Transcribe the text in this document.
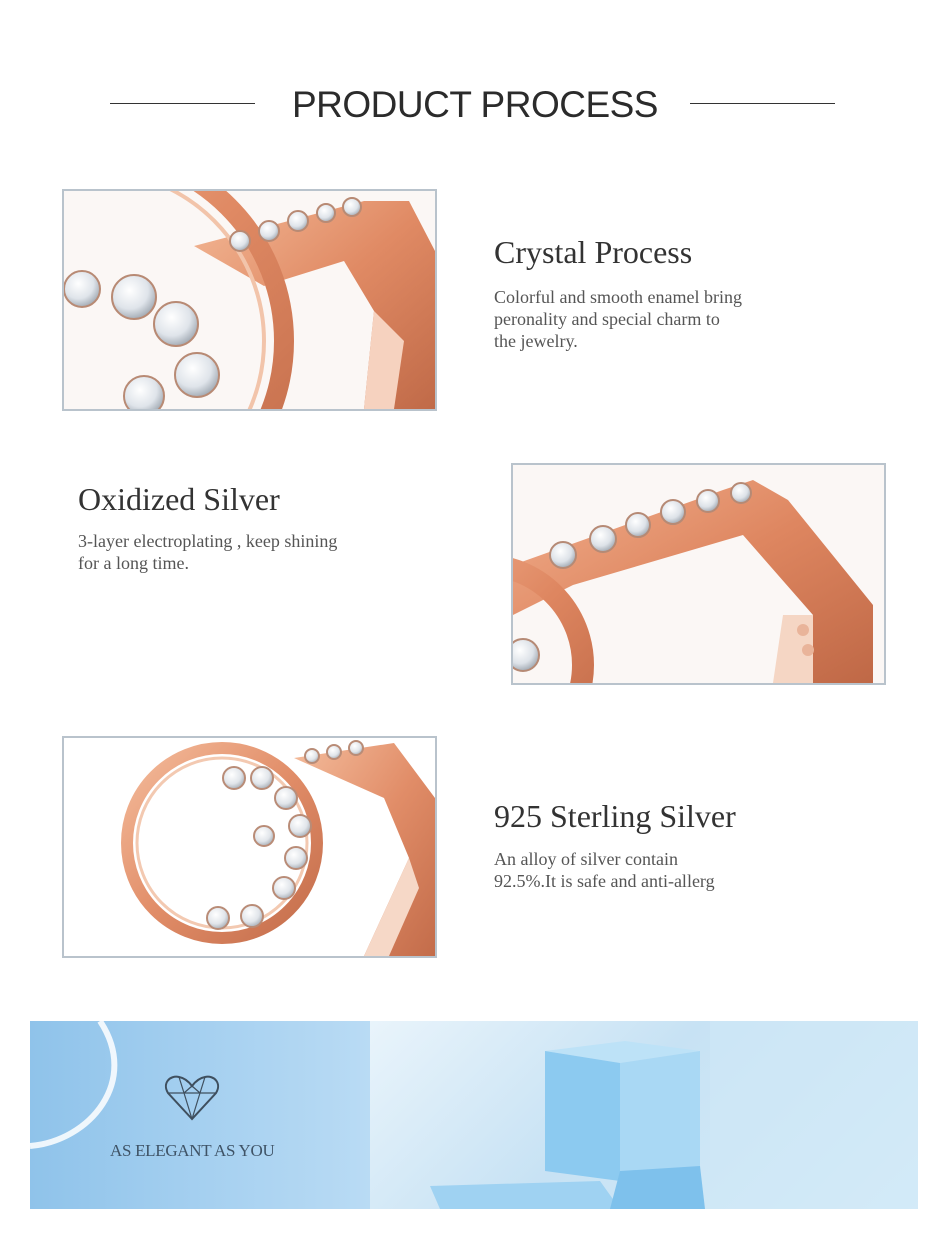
PRODUCT PROCESS
Crystal Process
Colorful and smooth enamel bring
peronality and special charm to
the jewelry.
Oxidized Silver
3-layer electroplating , keep shining
for a long time.
925 Sterling Silver
An alloy of silver contain
92.5%.It is safe and anti-allerg
AS ELEGANT AS YOU
